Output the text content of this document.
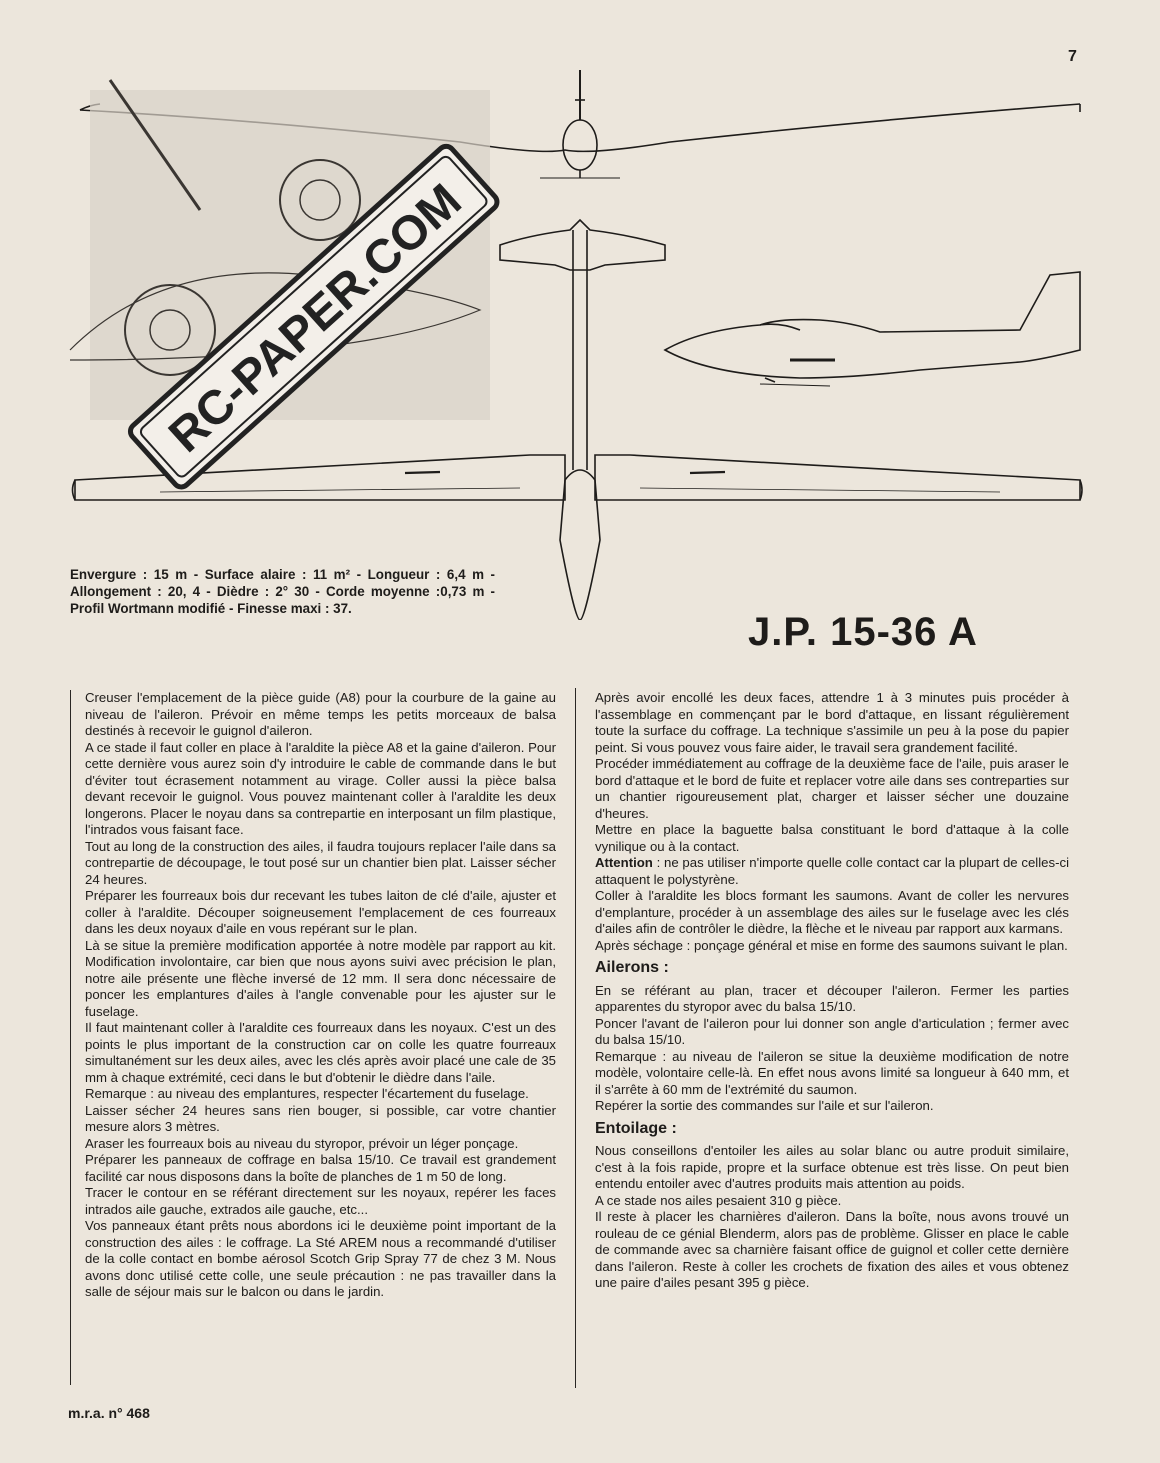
7
RC-PAPER.COM
Envergure : 15 m - Surface alaire : 11 m² - Longueur : 6,4 m - Allongement : 20, 4 - Dièdre : 2° 30 - Corde moyenne :0,73 m - Profil Wortmann modifié - Finesse maxi : 37.
J.P. 15-36 A

Creuser l'emplacement de la pièce guide (A8) pour la courbure de la gaine au niveau de l'aileron. Prévoir en même temps les petits morceaux de balsa destinés à recevoir le guignol d'aileron.

A ce stade il faut coller en place à l'araldite la pièce A8 et la gaine d'aileron. Pour cette dernière vous aurez soin d'y introduire le cable de commande dans le but d'éviter tout écrasement notamment au virage. Coller aussi la pièce balsa devant recevoir le guignol. Vous pouvez maintenant coller à l'araldite les deux longerons. Placer le noyau dans sa contrepartie en interposant un film plastique, l'intrados vous faisant face.

Tout au long de la construction des ailes, il faudra toujours replacer l'aile dans sa contrepartie de découpage, le tout posé sur un chantier bien plat. Laisser sécher 24 heures.

Préparer les fourreaux bois dur recevant les tubes laiton de clé d'aile, ajuster et coller à l'araldite. Découper soigneusement l'emplacement de ces fourreaux dans les deux noyaux d'aile en vous repérant sur le plan.

Là se situe la première modification apportée à notre modèle par rapport au kit. Modification involontaire, car bien que nous ayons suivi avec précision le plan, notre aile présente une flèche inversé de 12 mm. Il sera donc nécessaire de poncer les emplantures d'ailes à l'angle convenable pour les ajuster sur le fuselage.

Il faut maintenant coller à l'araldite ces fourreaux dans les noyaux. C'est un des points le plus important de la construction car on colle les quatre fourreaux simultanément sur les deux ailes, avec les clés après avoir placé une cale de 35 mm à chaque extrémité, ceci dans le but d'obtenir le dièdre dans l'aile.

Remarque : au niveau des emplantures, respecter l'écartement du fuselage.

Laisser sécher 24 heures sans rien bouger, si possible, car votre chantier mesure alors 3 mètres.

Araser les fourreaux bois au niveau du styropor, prévoir un léger ponçage.

Préparer les panneaux de coffrage en balsa 15/10. Ce travail est grandement facilité car nous disposons dans la boîte de planches de 1 m 50 de long.

Tracer le contour en se référant directement sur les noyaux, repérer les faces intrados aile gauche, extrados aile gauche, etc...

Vos panneaux étant prêts nous abordons ici le deuxième point important de la construction des ailes : le coffrage. La Sté AREM nous a recommandé d'utiliser de la colle contact en bombe aérosol Scotch Grip Spray 77 de chez 3 M. Nous avons donc utilisé cette colle, une seule précaution : ne pas travailler dans la salle de séjour mais sur le balcon ou dans le jardin.

Après avoir encollé les deux faces, attendre 1 à 3 minutes puis procéder à l'assemblage en commençant par le bord d'attaque, en lissant régulièrement toute la surface du coffrage. La technique s'assimile un peu à la pose du papier peint. Si vous pouvez vous faire aider, le travail sera grandement facilité.

Procéder immédiatement au coffrage de la deuxième face de l'aile, puis araser le bord d'attaque et le bord de fuite et replacer votre aile dans ses contreparties sur un chantier rigoureusement plat, charger et laisser sécher une douzaine d'heures.

Mettre en place la baguette balsa constituant le bord d'attaque à la colle vynilique ou à la contact.

Attention : ne pas utiliser n'importe quelle colle contact car la plupart de celles-ci attaquent le polystyrène.

Coller à l'araldite les blocs formant les saumons. Avant de coller les nervures d'emplanture, procéder à un assemblage des ailes sur le fuselage avec les clés d'ailes afin de contrôler le dièdre, la flèche et le niveau par rapport aux karmans.

Après séchage : ponçage général et mise en forme des saumons suivant le plan.

Ailerons :

En se référant au plan, tracer et découper l'aileron. Fermer les parties apparentes du styropor avec du balsa 15/10.

Poncer l'avant de l'aileron pour lui donner son angle d'articulation ; fermer avec du balsa 15/10.

Remarque : au niveau de l'aileron se situe la deuxième modification de notre modèle, volontaire celle-là. En effet nous avons limité sa longueur à 640 mm, et il s'arrête à 60 mm de l'extrémité du saumon.

Repérer la sortie des commandes sur l'aile et sur l'aileron.

Entoilage :

Nous conseillons d'entoiler les ailes au solar blanc ou autre produit similaire, c'est à la fois rapide, propre et la surface obtenue est très lisse. On peut bien entendu entoiler avec d'autres produits mais attention au poids.

A ce stade nos ailes pesaient 310 g pièce.

Il reste à placer les charnières d'aileron. Dans la boîte, nous avons trouvé un rouleau de ce génial Blenderm, alors pas de problème. Glisser en place le cable de commande avec sa charnière faisant office de guignol et coller cette dernière dans l'aileron. Reste à coller les crochets de fixation des ailes et vous obtenez une paire d'ailes pesant 395 g pièce.

m.r.a. n° 468
